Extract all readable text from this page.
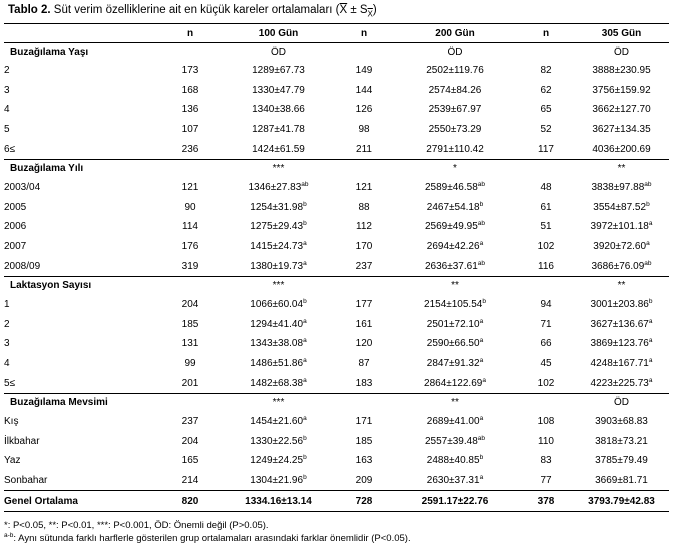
Tablo 2. Süt verim özelliklerine ait en küçük kareler ortalamaları $(\overline{X} \pm S_{\overline{X}})$
	n	100 Gün	n	200 Gün	n	305 Gün
Buzağılama Yaşı		ÖD		ÖD		ÖD
2	173	1289±67.73	149	2502±119.76	82	3888±230.95
3	168	1330±47.79	144	2574±84.26	62	3756±159.92
4	136	1340±38.66	126	2539±67.97	65	3662±127.70
5	107	1287±41.78	98	2550±73.29	52	3627±134.35
6≤	236	1424±61.59	211	2791±110.42	117	4036±200.69
Buzağılama Yılı		***		*		**
2003/04	121	1346±27.83$^{ab}$	121	2589±46.58$^{ab}$	48	3838±97.88$^{ab}$
2005	90	1254±31.98$^b$	88	2467±54.18$^b$	61	3554±87.52$^b$
2006	114	1275±29.43$^b$	112	2569±49.95$^{ab}$	51	3972±101.18$^a$
2007	176	1415±24.73$^a$	170	2694±42.26$^a$	102	3920±72.60$^a$
2008/09	319	1380±19.73$^a$	237	2636±37.61$^{ab}$	116	3686±76.09$^{ab}$
Laktasyon Sayısı		***		**		**
1	204	1066±60.04$^b$	177	2154±105.54$^b$	94	3001±203.86$^b$
2	185	1294±41.40$^a$	161	2501±72.10$^a$	71	3627±136.67$^a$
3	131	1343±38.08$^a$	120	2590±66.50$^a$	66	3869±123.76$^a$
4	99	1486±51.86$^a$	87	2847±91.32$^a$	45	4248±167.71$^a$
5≤	201	1482±68.38$^a$	183	2864±122.69$^a$	102	4223±225.73$^a$
Buzağılama Mevsimi		***		**		ÖD
Kış	237	1454±21.60$^a$	171	2689±41.00$^a$	108	3903±68.83
İlkbahar	204	1330±22.56$^b$	185	2557±39.48$^{ab}$	110	3818±73.21
Yaz	165	1249±24.25$^b$	163	2488±40.85$^b$	83	3785±79.49
Sonbahar	214	1304±21.96$^b$	209	2630±37.31$^a$	77	3669±81.71
Genel Ortalama	820	1334.16±13.14	728	2591.17±22.76	378	3793.79±42.83
*: P<0.05, **: P<0.01, ***: P<0.001, ÖD: Önemli değil (P>0.05).
$^{a-b}$: Aynı sütunda farklı harflerle gösterilen grup ortalamaları arasındaki farklar önemlidir (P<0.05).
